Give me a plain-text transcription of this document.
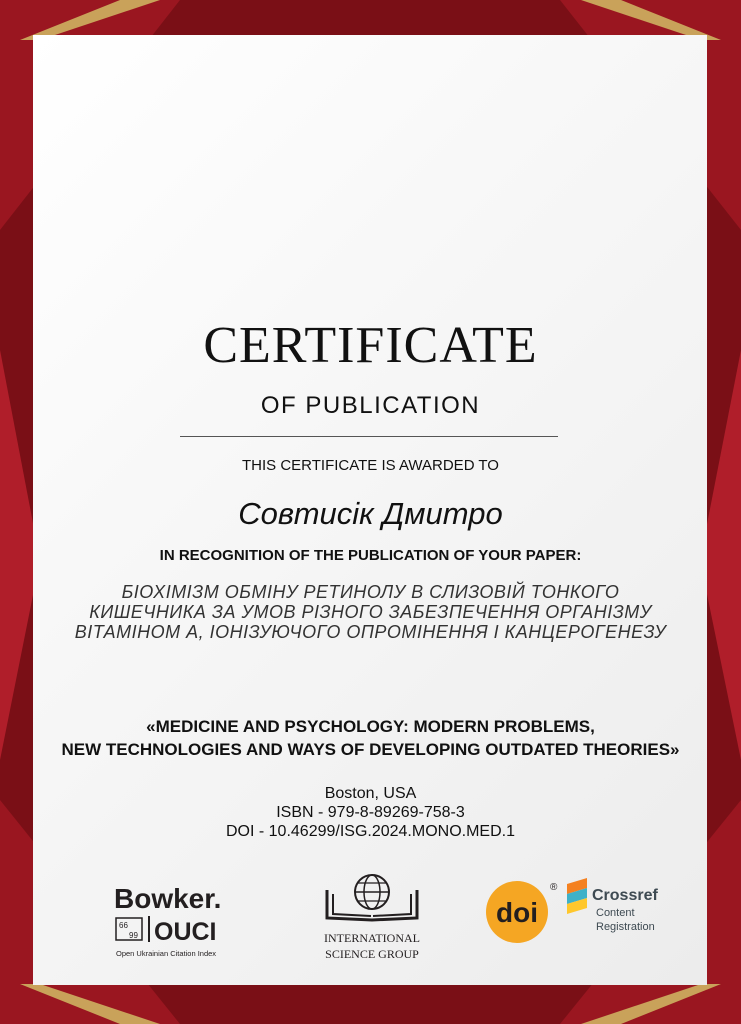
CERTIFICATE
OF PUBLICATION
THIS CERTIFICATE IS AWARDED TO
Совтисік Дмитро
IN RECOGNITION OF THE PUBLICATION OF YOUR PAPER:
БІОХІМІЗМ ОБМІНУ РЕТИНОЛУ В СЛИЗОВІЙ ТОНКОГО
КИШЕЧНИКА ЗА УМОВ РІЗНОГО ЗАБЕЗПЕЧЕННЯ ОРГАНІЗМУ
ВІТАМІНОМ А, ІОНІЗУЮЧОГО ОПРОМІНЕННЯ І КАНЦЕРОГЕНЕЗУ
«MEDICINE AND PSYCHOLOGY: MODERN PROBLEMS,
NEW TECHNOLOGIES AND WAYS OF DEVELOPING OUTDATED THEORIES»
Boston, USA
ISBN - 979-8-89269-758-3
DOI - 10.46299/ISG.2024.MONO.MED.1
Bowker.
66
99 OUCI
Open Ukrainian Citation Index
INTERNATIONAL
SCIENCE GROUP
doi
® Crossref
Content
Registration
